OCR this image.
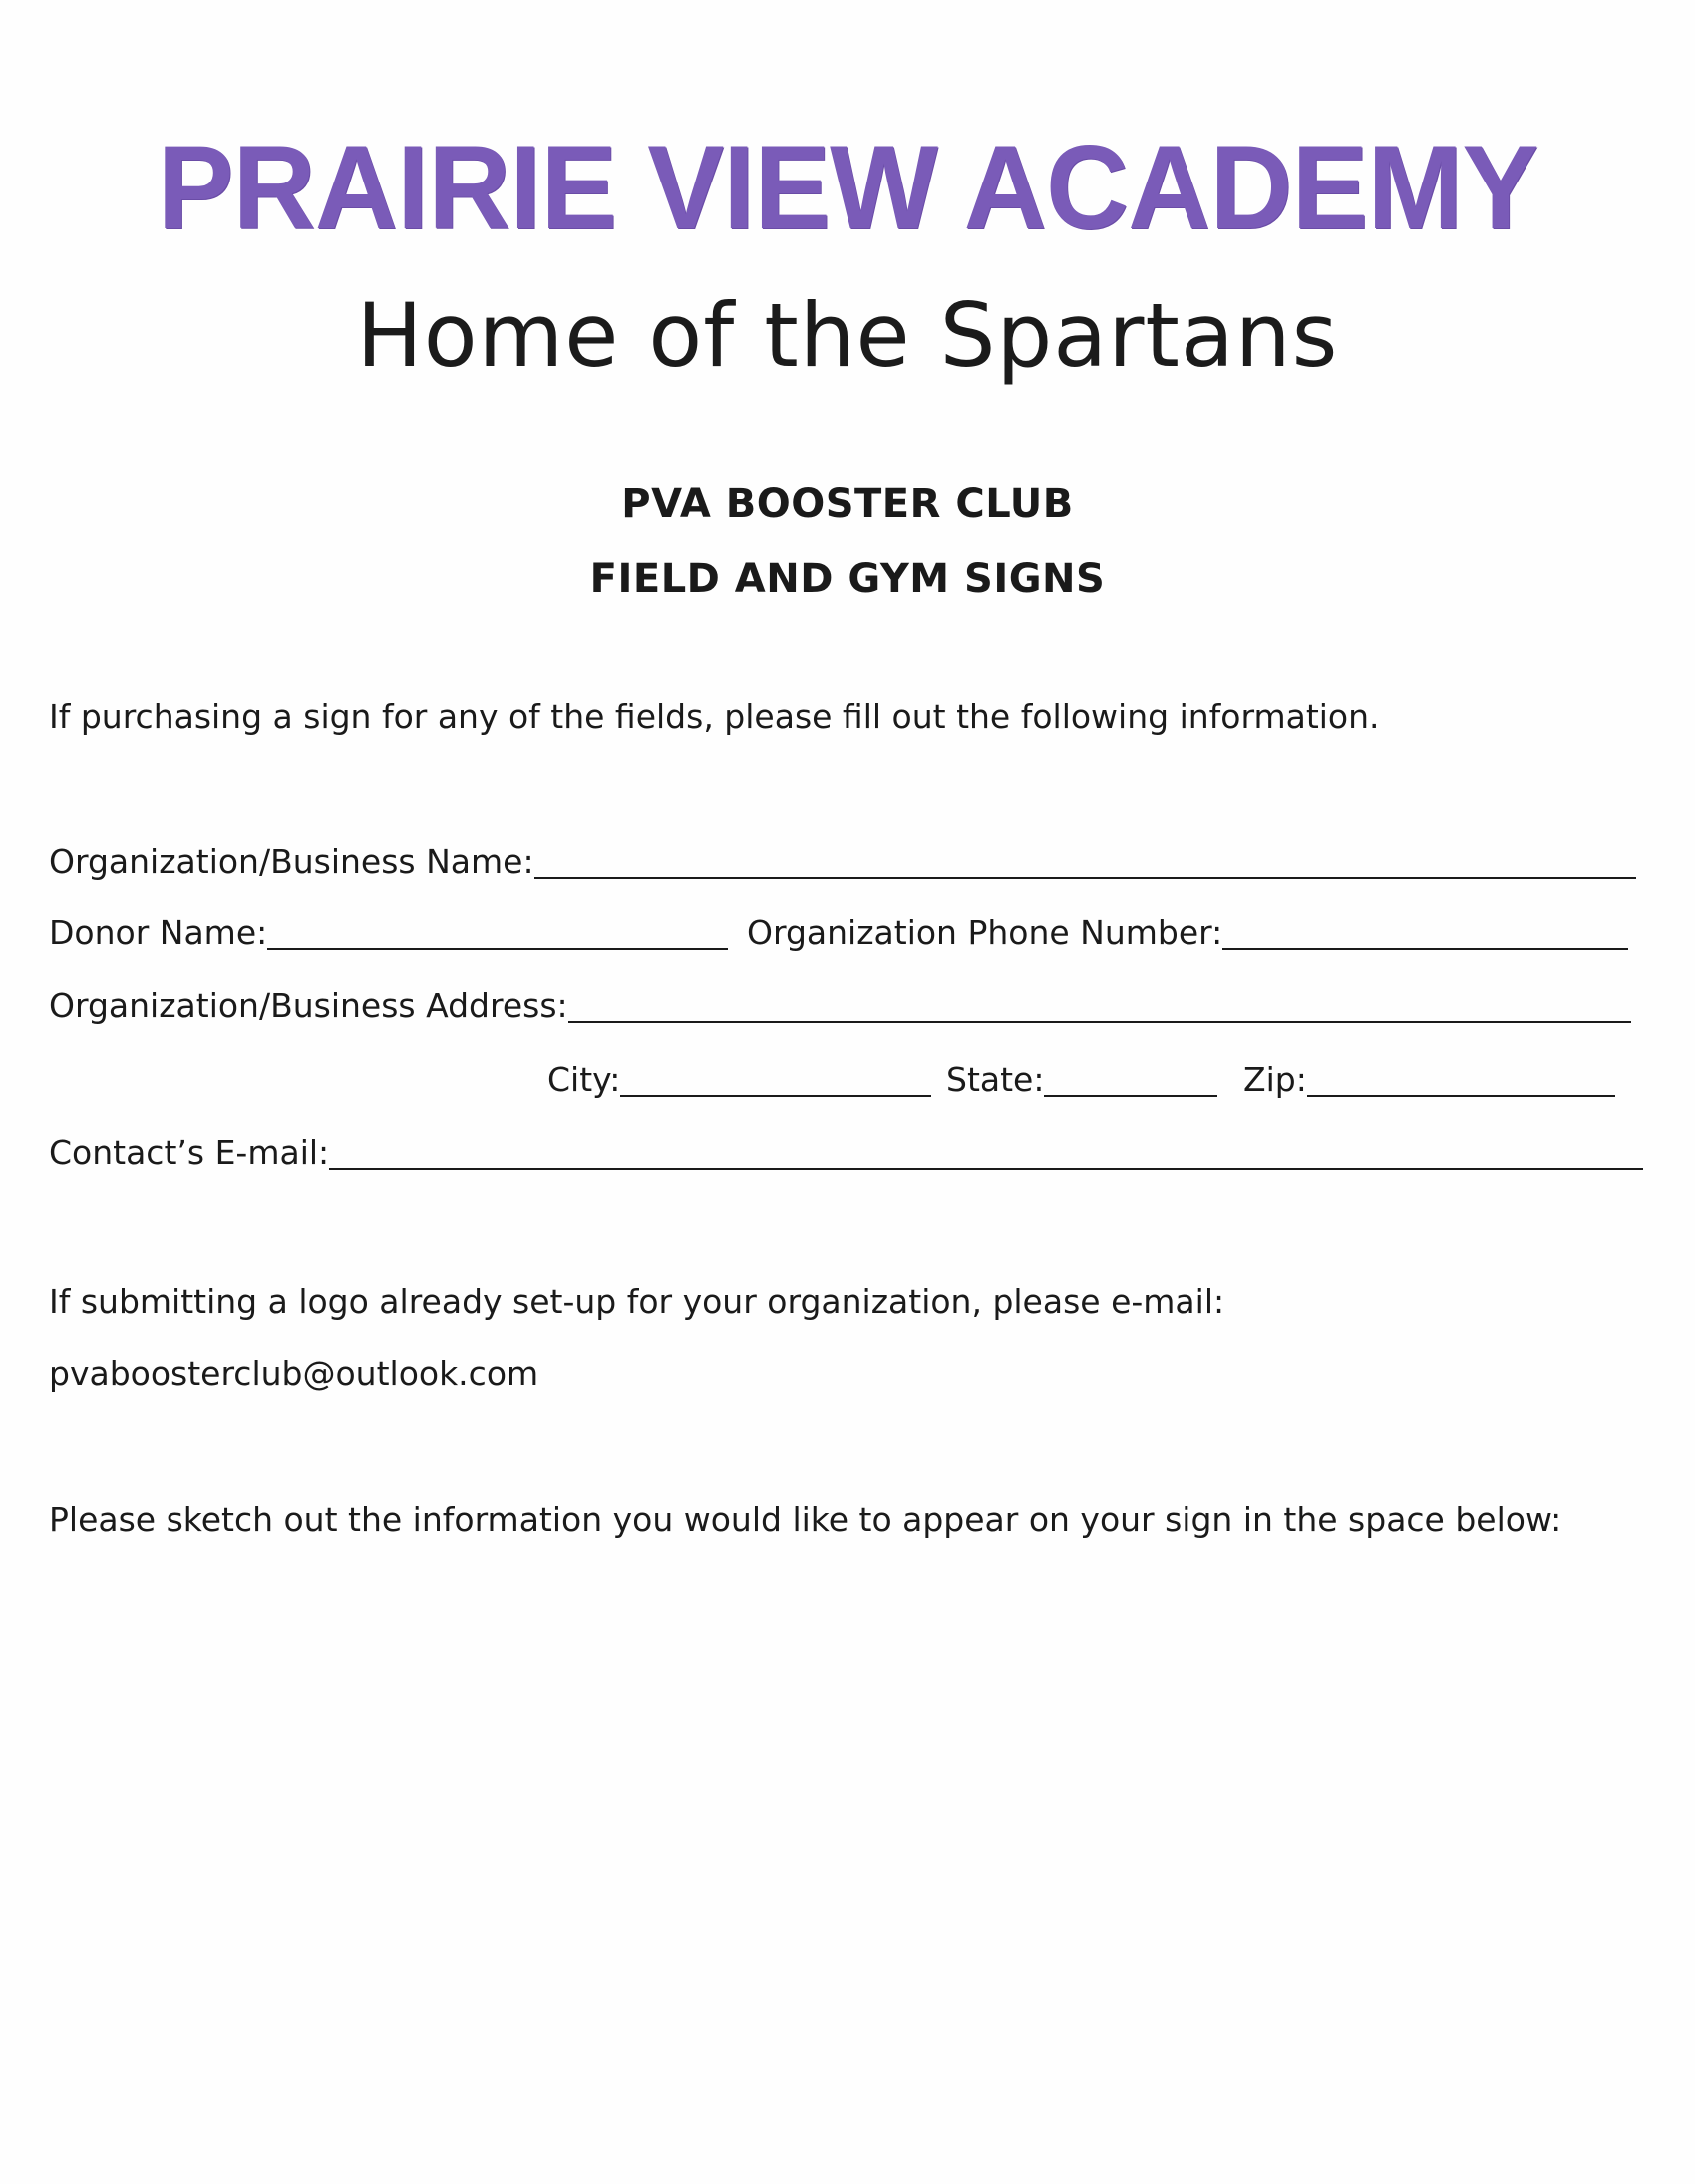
PRAIRIE VIEW ACADEMY
Home of the Spartans
PVA BOOSTER CLUB
FIELD AND GYM SIGNS
If purchasing a sign for any of the fields, please fill out the following information.
Organization/Business Name:
Donor Name:	Organization Phone Number:
Organization/Business Address:
City:	State:	Zip:
Contact’s E-mail:
If submitting a logo already set-up for your organization, please e-mail:
pvaboosterclub@outlook.com
Please sketch out the information you would like to appear on your sign in the space below:
